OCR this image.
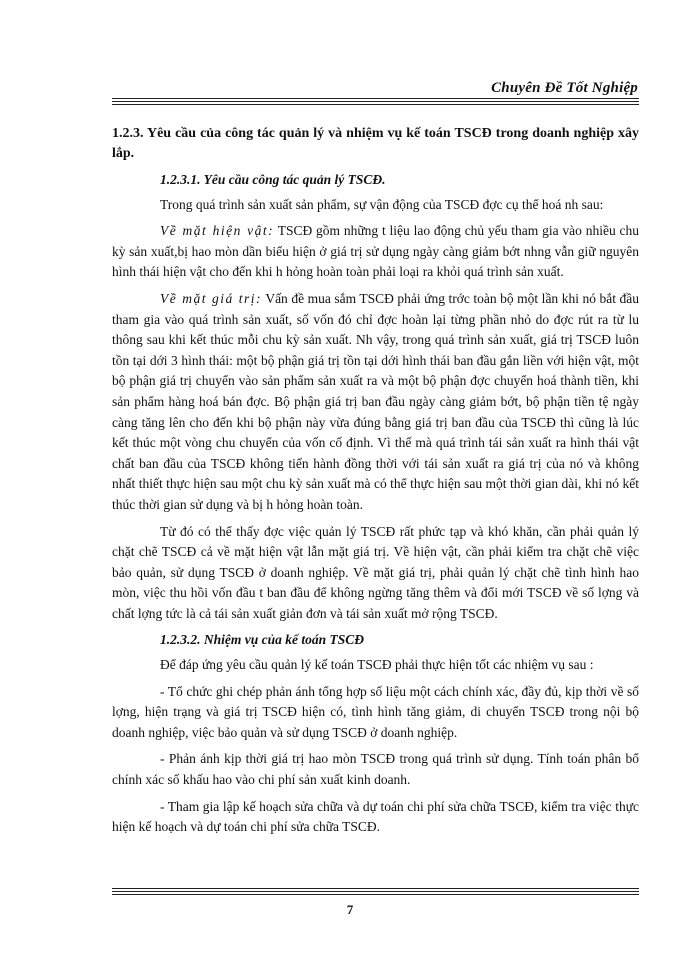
Chuyên Đề Tốt Nghiệp

1.2.3. Yêu cầu của công tác quản lý và nhiệm vụ kế toán TSCĐ trong doanh nghiệp xây lắp.

1.2.3.1. Yêu cầu công tác quản lý TSCĐ.

Trong quá trình sản xuất sản phẩm, sự vận động của TSCĐ đợc cụ thể hoá nh sau:

Về mặt hiện vật: TSCĐ gồm những t liệu lao động chủ yếu tham gia vào nhiều chu kỳ sản xuất,bị hao mòn dần biểu hiện ở giá trị sử dụng ngày càng giảm bớt nhng vẫn giữ nguyên hình thái hiện vật cho đến khi h hỏng hoàn toàn phải loại ra khỏi quá trình sản xuất.

Về mặt giá trị: Vấn đề mua sắm TSCĐ phải ứng trớc toàn bộ một lần khi nó bắt đầu tham gia vào quá trình sản xuất, số vốn đó chỉ đợc hoàn lại từng phần nhỏ do đợc rút ra từ lu thông sau khi kết thúc mỗi chu kỳ sản xuất. Nh vậy, trong quá trình sản xuất, giá trị TSCĐ luôn tồn tại dới 3 hình thái: một bộ phận giá trị tồn tại dới hình thái ban đầu gắn liền với hiện vật, một bộ phận giá trị chuyển vào sản phẩm sản xuất ra và một bộ phận đợc chuyển hoá thành tiền, khi sản phẩm hàng hoá bán đợc. Bộ phận giá trị ban đầu ngày càng giảm bớt, bộ phận tiền tệ ngày càng tăng lên cho đến khi bộ phận này vừa đúng bằng giá trị ban đầu của TSCĐ thì cũng là lúc kết thúc một vòng chu chuyển của vốn cố định. Vì thế mà quá trình tái sản xuất ra hình thái vật chất ban đầu của TSCĐ không tiến hành đồng thời với tái sản xuất ra giá trị của nó và không nhất thiết thực hiện sau một chu kỳ sản xuất mà có thể thực hiện sau một thời gian dài, khi nó kết thúc thời gian sử dụng và bị h hỏng hoàn toàn.

Từ đó có thể thấy đợc việc quản lý TSCĐ rất phức tạp và khó khăn, cần phải quản lý chặt chẽ TSCĐ cả về mặt hiện vật lẫn mặt giá trị. Về hiện vật, cần phải kiểm tra chặt chẽ việc bảo quản, sử dụng TSCĐ ở doanh nghiệp. Về mặt giá trị, phải quản lý chặt chẽ tình hình hao mòn, việc thu hồi vốn đầu t ban đầu để không ngừng tăng thêm và đổi mới TSCĐ về số lợng và chất lợng tức là cả tái sản xuất giản đơn và tái sản xuất mở rộng TSCĐ.

1.2.3.2. Nhiệm vụ của kế toán TSCĐ

Để đáp ứng yêu cầu quản lý kế toán TSCĐ phải thực hiện tốt các nhiệm vụ sau :

- Tổ chức ghi chép phản ánh tổng hợp số liệu một cách chính xác, đầy đủ, kịp thời về số lợng, hiện trạng và giá trị TSCĐ hiện có, tình hình tăng giảm, di chuyển TSCĐ trong nội bộ doanh nghiệp, việc bảo quản và sử dụng TSCĐ ở doanh nghiệp.

- Phản ánh kịp thời giá trị hao mòn TSCĐ trong quá trình sử dụng. Tính toán phân bổ chính xác số khấu hao vào chi phí sản xuất kinh doanh.

- Tham gia lập kế hoạch sửa chữa và dự toán chi phí sửa chữa TSCĐ, kiểm tra việc thực hiện kế hoạch và dự toán chi phí sửa chữa TSCĐ.

7
